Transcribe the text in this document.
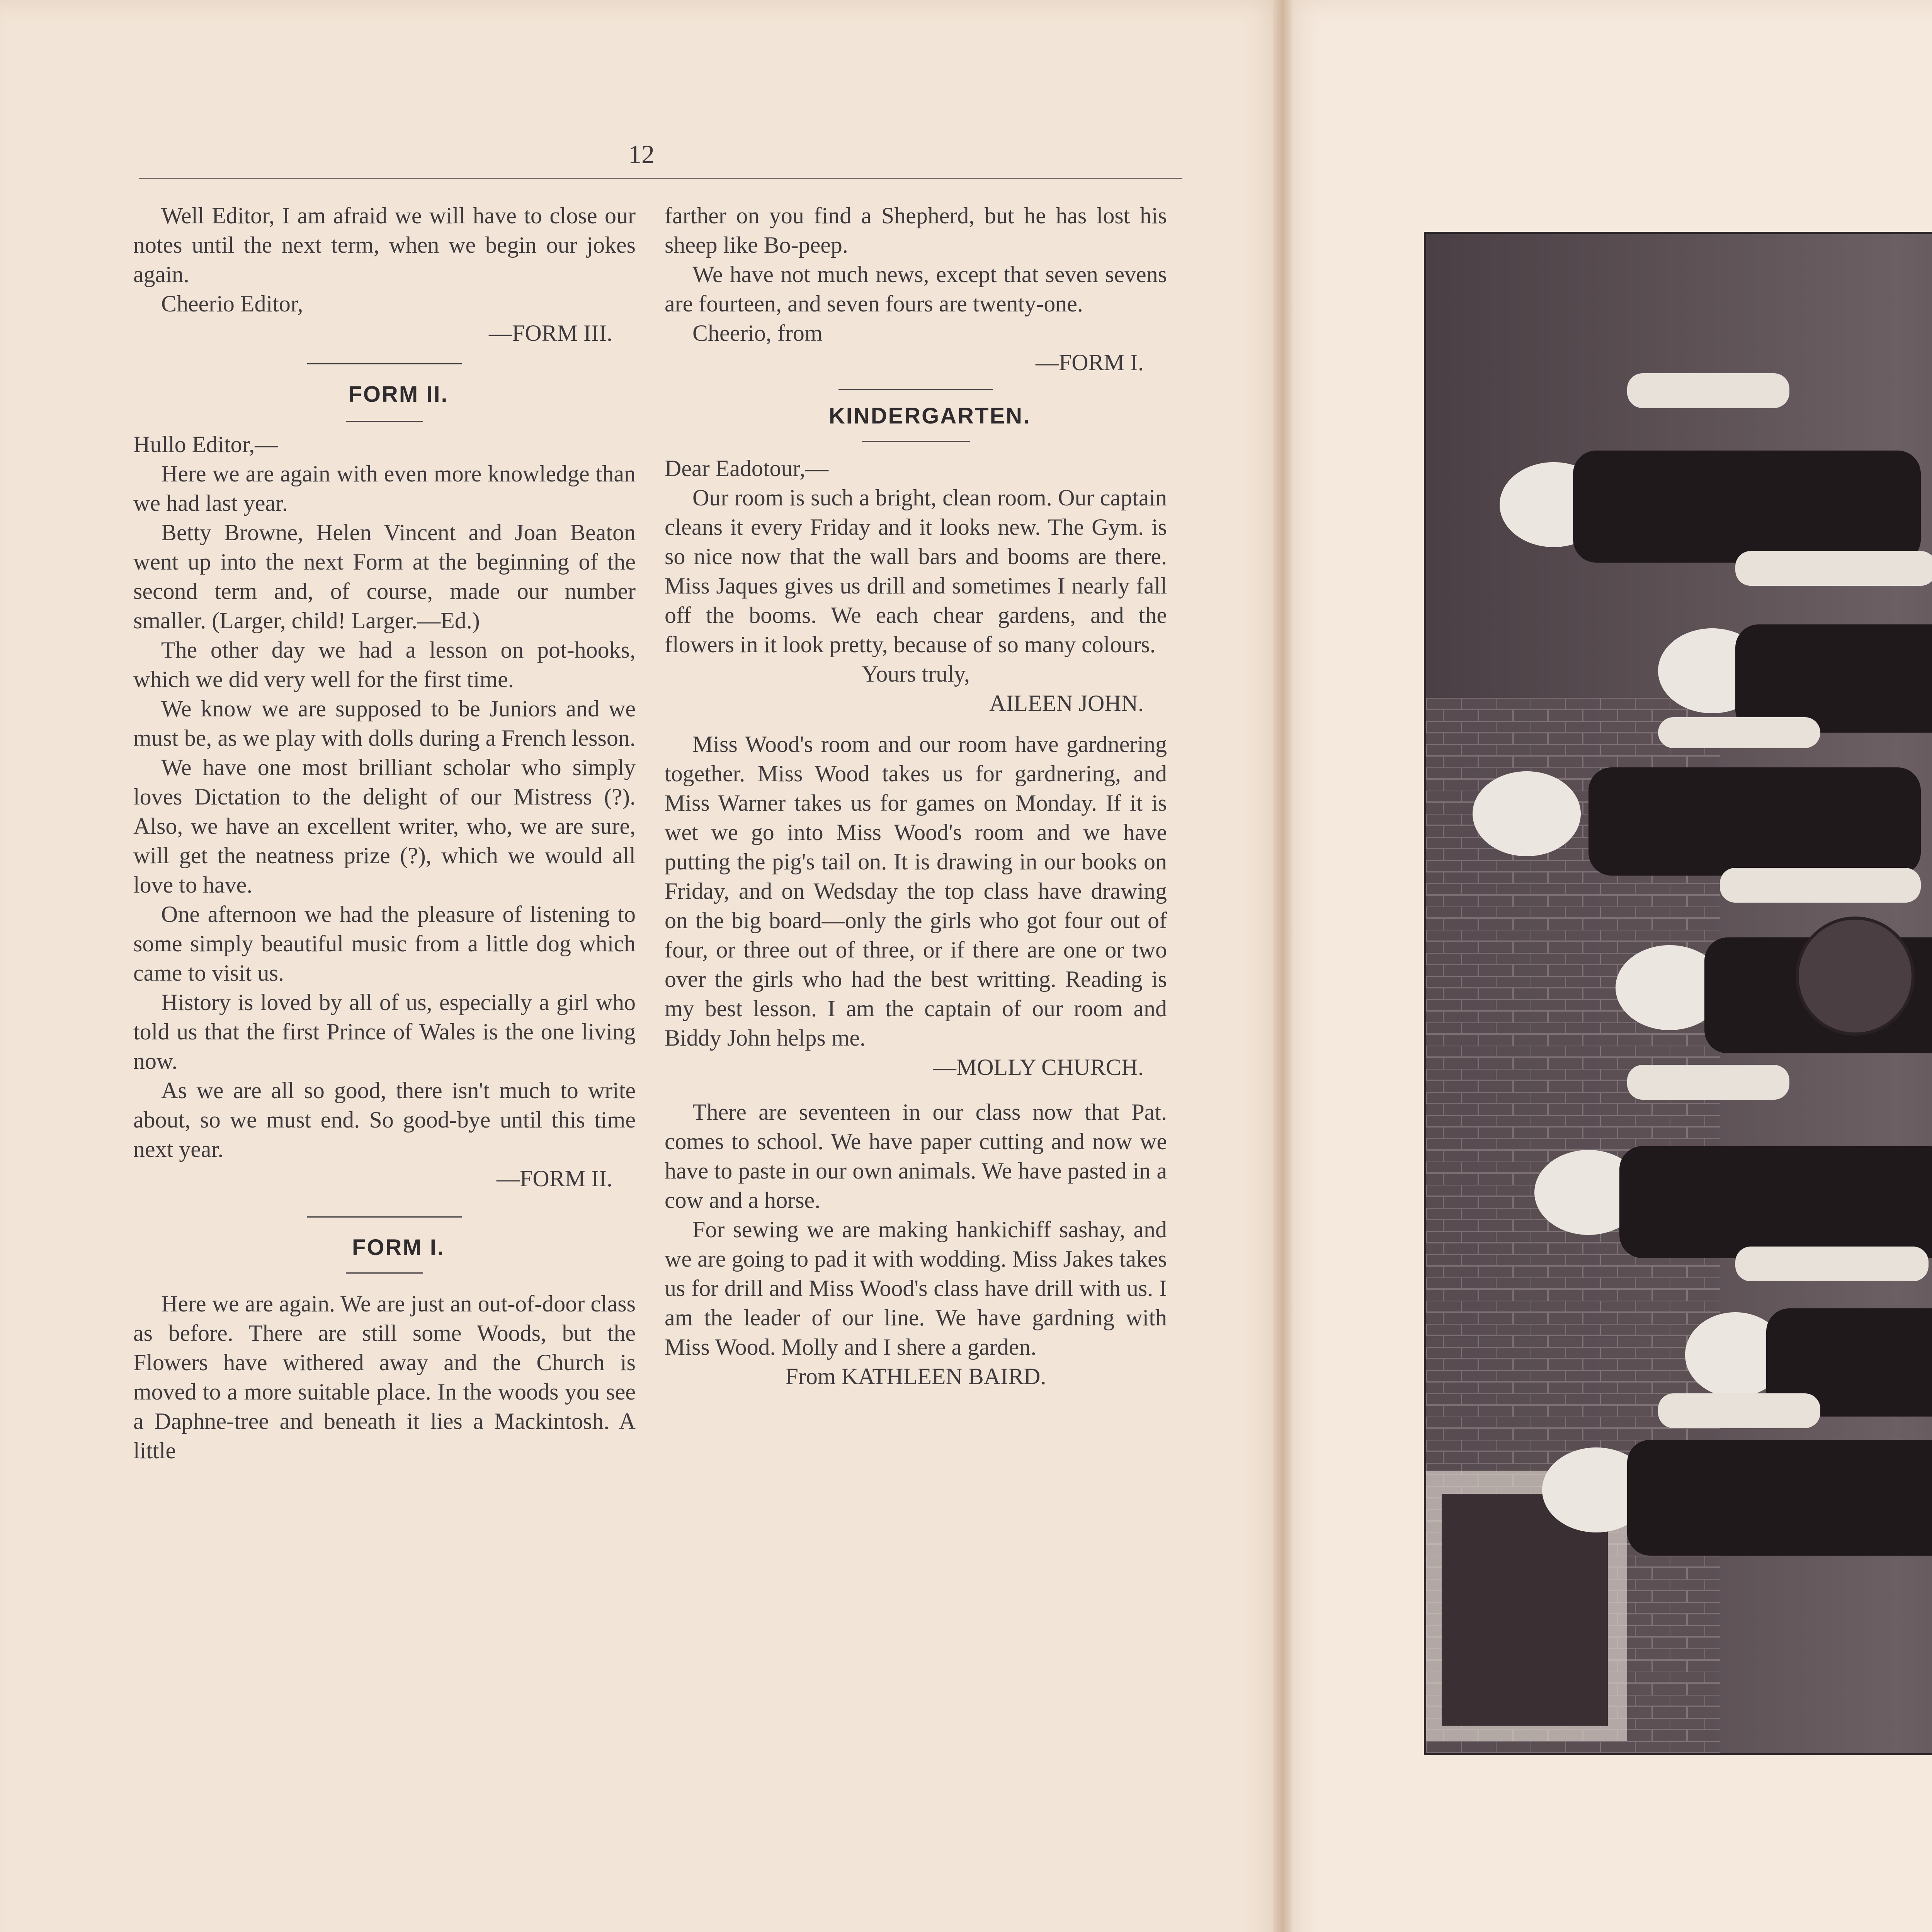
12

Well Editor, I am afraid we will have to close our notes until the next term, when we begin our jokes again.

Cheerio Editor,

—FORM III.

FORM II.

Hullo Editor,—

Here we are again with even more knowledge than we had last year.

Betty Browne, Helen Vincent and Joan Beaton went up into the next Form at the beginning of the second term and, of course, made our number smaller. (Larger, child! Larger.—Ed.)

The other day we had a lesson on pot-hooks, which we did very well for the first time.

We know we are supposed to be Juniors and we must be, as we play with dolls during a French lesson.

We have one most brilliant scholar who simply loves Dictation to the delight of our Mistress (?). Also, we have an excellent writer, who, we are sure, will get the neatness prize (?), which we would all love to have.

One afternoon we had the pleasure of listening to some simply beautiful music from a little dog which came to visit us.

History is loved by all of us, especially a girl who told us that the first Prince of Wales is the one living now.

As we are all so good, there isn't much to write about, so we must end. So good-bye until this time next year.

—FORM II.

FORM I.

Here we are again. We are just an out-of-door class as before. There are still some Woods, but the Flowers have withered away and the Church is moved to a more suitable place. In the woods you see a Daphne-tree and beneath it lies a Mackintosh. A little

farther on you find a Shepherd, but he has lost his sheep like Bo-peep.

We have not much news, except that seven sevens are fourteen, and seven fours are twenty-one.

Cheerio, from

—FORM I.

KINDERGARTEN.

Dear Eadotour,—

Our room is such a bright, clean room. Our captain cleans it every Friday and it looks new. The Gym. is so nice now that the wall bars and booms are there. Miss Jaques gives us drill and sometimes I nearly fall off the booms. We each chear gardens, and the flowers in it look pretty, because of so many colours.

Yours truly,

AILEEN JOHN.

Miss Wood's room and our room have gardnering together. Miss Wood takes us for gardnering, and Miss Warner takes us for games on Monday. If it is wet we go into Miss Wood's room and we have putting the pig's tail on. It is drawing in our books on Friday, and on Wedsday the top class have drawing on the big board—only the girls who got four out of four, or three out of three, or if there are one or two over the girls who had the best writting. Reading is my best lesson. I am the captain of our room and Biddy John helps me.

—MOLLY CHURCH.

There are seventeen in our class now that Pat. comes to school. We have paper cutting and now we have to paste in our own animals. We have pasted in a cow and a horse.

For sewing we are making hankichiff sashay, and we are going to pad it with wodding. Miss Jakes takes us for drill and Miss Wood's class have drill with us. I am the leader of our line. We have gardning with Miss Wood. Molly and I shere a garden.

From KATHLEEN BAIRD.
